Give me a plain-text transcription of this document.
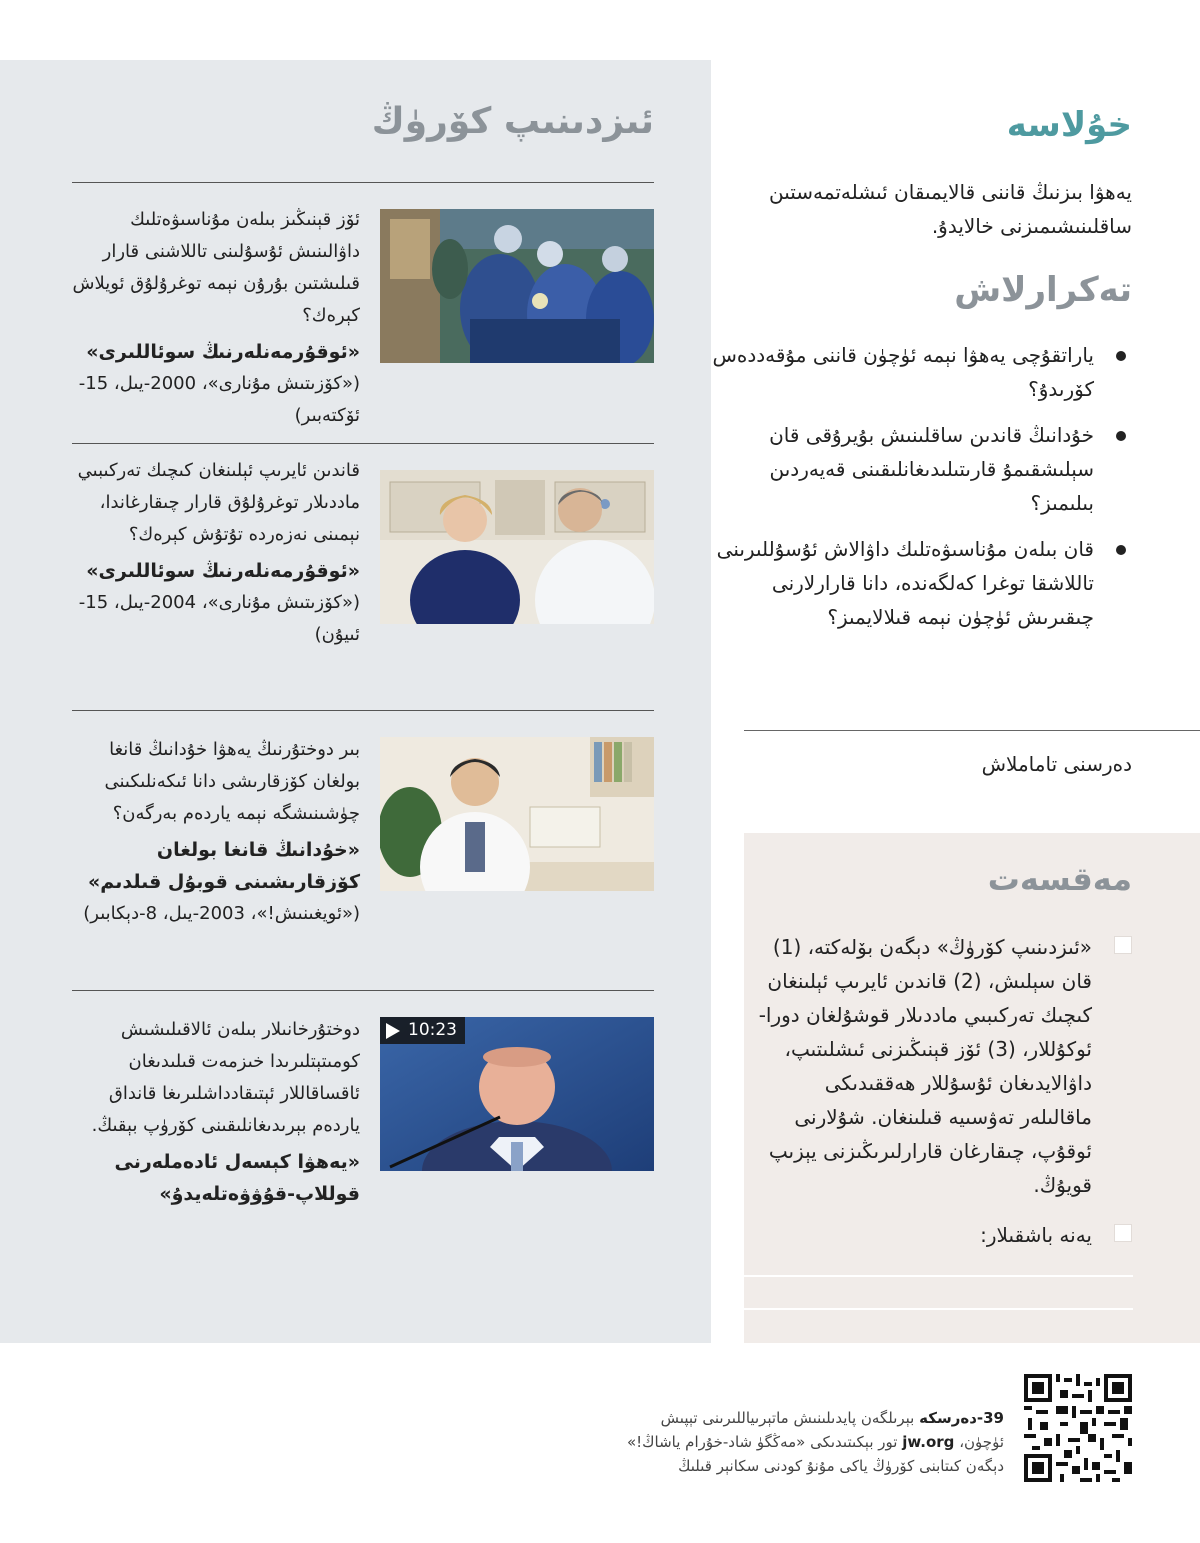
ئىزدىنىپ كۆرۈڭ
ئۆز قېنىڭىز بىلەن مۇناسىۋەتلىك داۋالىنىش ئۇسۇلىنى تاللاشنى قارار قىلىشتىن بۇرۇن نېمە توغرۇلۇق ئويلاش كېرەك؟
«ئوقۇرمەنلەرنىڭ سوئاللىرى»
(«كۆزىتىش مۇنارى»، 2000-يىل، 15-ئۆكتەبىر)
قاندىن ئايرىپ ئېلىنغان كىچىك تەركىبىي ماددىلار توغرۇلۇق قارار چىقارغاندا، نېمىنى نەزەردە تۇتۇش كېرەك؟
«ئوقۇرمەنلەرنىڭ سوئاللىرى»
(«كۆزىتىش مۇنارى»، 2004-يىل، 15-ئىيۇن)
بىر دوختۇرنىڭ يەھۋا خۇدانىڭ قانغا بولغان كۆزقارىشى دانا ئىكەنلىكىنى چۈشىنىشگە نېمە ياردەم بەرگەن؟
«خۇدانىڭ قانغا بولغان كۆزقارىشىنى قوبۇل قىلدىم»
(«ئويغىنىش!»، 2003-يىل، 8-دېكابىر)
دوختۇرخانىلار بىلەن ئالاقىلىشىش كومىتېتلىرىدا خىزمەت قىلىدىغان ئاقساقاللار ئېتىقادداشلىرىغا قانداق ياردەم بېرىدىغانلىقىنى كۆرۈپ بېقىڭ.
«يەھۋا كېسەل ئادەملەرنى قوللاپ-قۇۋۋەتلەيدۇ»
10:23
خۇلاسە
يەھۋا بىزنىڭ قاننى قالايمىقان ئىشلەتمەستىن ساقلىنىشىمىزنى خالايدۇ.
تەكرارلاش
ياراتقۇچى يەھۋا نېمە ئۈچۈن قاننى مۇقەددەس كۆرىدۇ؟
خۇدانىڭ قاندىن ساقلىنىش بۇيرۇقى قان سېلىشقىمۇ قارىتىلىدىغانلىقىنى قەيەردىن بىلىمىز؟
قان بىلەن مۇناسىۋەتلىك داۋالاش ئۇسۇللىرىنى تاللاشقا توغرا كەلگەندە، دانا قارارلارنى چىقىرىش ئۈچۈن نېمە قىلالايمىز؟
دەرسنى تاماملاش
مەقسەت
«ئىزدىنىپ كۆرۈڭ» دېگەن بۆلەكتە، (1) قان سېلىش، (2) قاندىن ئايرىپ ئېلىنغان كىچىك تەركىبىي ماددىلار قوشۇلغان دورا-ئوكۇللار، (3) ئۆز قېنىڭىزنى ئىشلىتىپ، داۋالايدىغان ئۇسۇللار ھەققىدىكى ماقالىلەر تەۋسىيە قىلىنغان. شۇلارنى ئوقۇپ، چىقارغان قارارلىرىڭىزنى يېزىپ قويۇڭ.
يەنە باشقىلار:
39-دەرسكە بېرىلگەن پايدىلىنىش ماتېرىياللىرىنى تېپىش
ئۈچۈن، jw.org تور بېكىتىدىكى «مەڭگۈ شاد-خۇرام ياشاڭ!»
دېگەن كىتابنى كۆرۈڭ ياكى مۇنۇ كودنى سكانېر قىلىڭ
